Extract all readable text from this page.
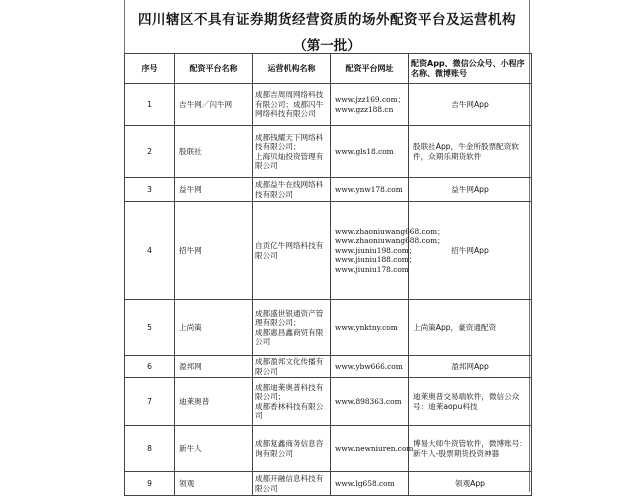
四川辖区不具有证券期货经营资质的场外配资平台及运营机构
（第一批）
序号	配资平台名称	运营机构名称	配资平台网址	配资App、微信公众号、小程序名称、微博账号
1	吉牛网／闪牛网	成都吉周周网络科技有限公司；成都闪牛网络科技有限公司	www.jzz169.com；www.gzz188.cn	吉牛网App
2	股联社	成都钱耀天下网络科技有限公司；
上海贝灿投资管理有限公司	www.gls18.com	股联社App，牛金所股票配资软件，众期乐期货软件
3	益牛网	成都益牛在线网络科技有限公司	www.ynw178.com	益牛网App
4	招牛网	自贡亿牛网络科技有限公司	www.zhaoniuwang668.com；www.zhaoniuwang688.com；www.jiuniu198.com；www.jiuniu188.com；www.jiuniu178.com	招牛网App
5	上尚策	成都盛世银通资产管理有限公司；
成都惠昌鑫商贸有限公司	www.ynktny.com	上尚策App，豪资通配资
6	盈邦网	成都盈邦文化传播有限公司	www.ybw666.com	盈邦网App
7	迪莱奥普	成都迪莱奥普科技有限公司；
成都香林科技有限公司	www.898363.com	迪莱奥普交易端软件，微信公众号：迪莱aopu科技
8	新牛人	成都复鑫商务信息咨询有限公司	www.newniuren.com	博易大师牛资管软件，微博账号：新牛人-股票期货投资神器
9	领观	成都开融信息科技有限公司	www.lg658.com	领观App
